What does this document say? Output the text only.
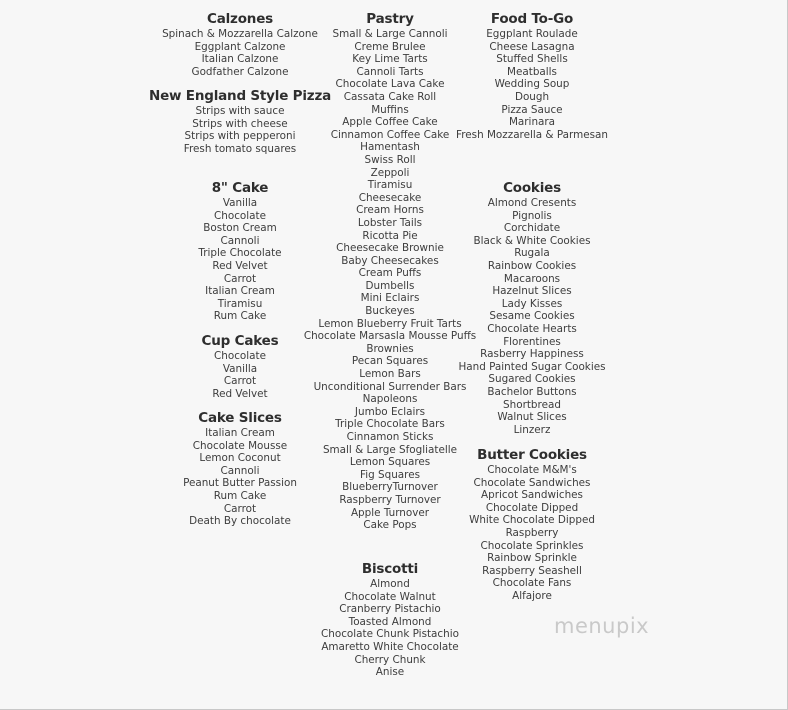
Calzones
Spinach & Mozzarella Calzone
Eggplant Calzone
Italian Calzone
Godfather Calzone
New England Style Pizza
Strips with sauce
Strips with cheese
Strips with pepperoni
Fresh tomato squares
8" Cake
Vanilla
Chocolate
Boston Cream
Cannoli
Triple Chocolate
Red Velvet
Carrot
Italian Cream
Tiramisu
Rum Cake
Cup Cakes
Chocolate
Vanilla
Carrot
Red Velvet
Cake Slices
Italian Cream
Chocolate Mousse
Lemon Coconut
Cannoli
Peanut Butter Passion
Rum Cake
Carrot
Death By chocolate
Pastry
Small & Large Cannoli
Creme Brulee
Key Lime Tarts
Cannoli Tarts
Chocolate Lava Cake
Cassata Cake Roll
Muffins
Apple Coffee Cake
Cinnamon Coffee Cake
Hamentash
Swiss Roll
Zeppoli
Tiramisu
Cheesecake
Cream Horns
Lobster Tails
Ricotta Pie
Cheesecake Brownie
Baby Cheesecakes
Cream Puffs
Dumbells
Mini Eclairs
Buckeyes
Lemon Blueberry Fruit Tarts
Chocolate Marsasla Mousse Puffs
Brownies
Pecan Squares
Lemon Bars
Unconditional Surrender Bars
Napoleons
Jumbo Eclairs
Triple Chocolate Bars
Cinnamon Sticks
Small & Large Sfogliatelle
Lemon Squares
Fig Squares
BlueberryTurnover
Raspberry Turnover
Apple Turnover
Cake Pops
Biscotti
Almond
Chocolate Walnut
Cranberry Pistachio
Toasted Almond
Chocolate Chunk Pistachio
Amaretto White Chocolate
Cherry Chunk
Anise
Food To-Go
Eggplant Roulade
Cheese Lasagna
Stuffed Shells
Meatballs
Wedding Soup
Dough
Pizza Sauce
Marinara
Fresh Mozzarella & Parmesan
Cookies
Almond Cresents
Pignolis
Corchidate
Black & White Cookies
Rugala
Rainbow Cookies
Macaroons
Hazelnut Slices
Lady Kisses
Sesame Cookies
Chocolate Hearts
Florentines
Rasberry Happiness
Hand Painted Sugar Cookies
Sugared Cookies
Bachelor Buttons
Shortbread
Walnut Slices
Linzerz
Butter Cookies
Chocolate M&M's
Chocolate Sandwiches
Apricot Sandwiches
Chocolate Dipped
White Chocolate Dipped
Raspberry
Chocolate Sprinkles
Rainbow Sprinkle
Raspberry Seashell
Chocolate Fans
Alfajore
menupix
